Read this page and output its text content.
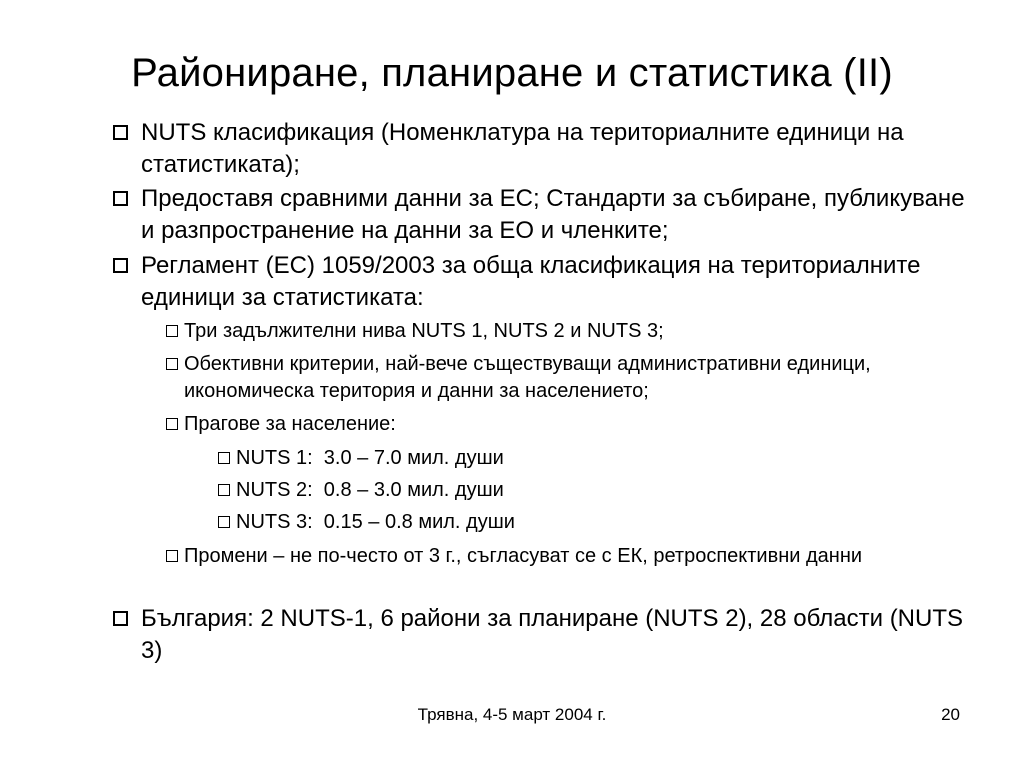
Райониране, планиране и статистика (II)
NUTS класификация (Номенклатура на териториалните единици на статистиката);
Предоставя сравними данни за ЕС; Стандарти за събиране, публикуване и разпространение на данни за ЕО и членките;
Регламент (ЕС) 1059/2003 за обща класификация на териториалните единици за статистиката:
Три задължителни нива NUTS 1, NUTS 2 и NUTS 3;
Обективни критерии, най-вече съществуващи административни единици, икономическа територия и данни за населението;
Прагове за население:
NUTS 1:  3.0 – 7.0 мил. души
NUTS 2:  0.8 – 3.0 мил. души
NUTS 3:  0.15 – 0.8 мил. души
Промени – не по-често от 3 г., съгласуват се с ЕК, ретроспективни данни
България: 2 NUTS-1, 6 райони за планиране (NUTS 2), 28 области (NUTS 3)
Трявна, 4-5 март 2004 г.	20
